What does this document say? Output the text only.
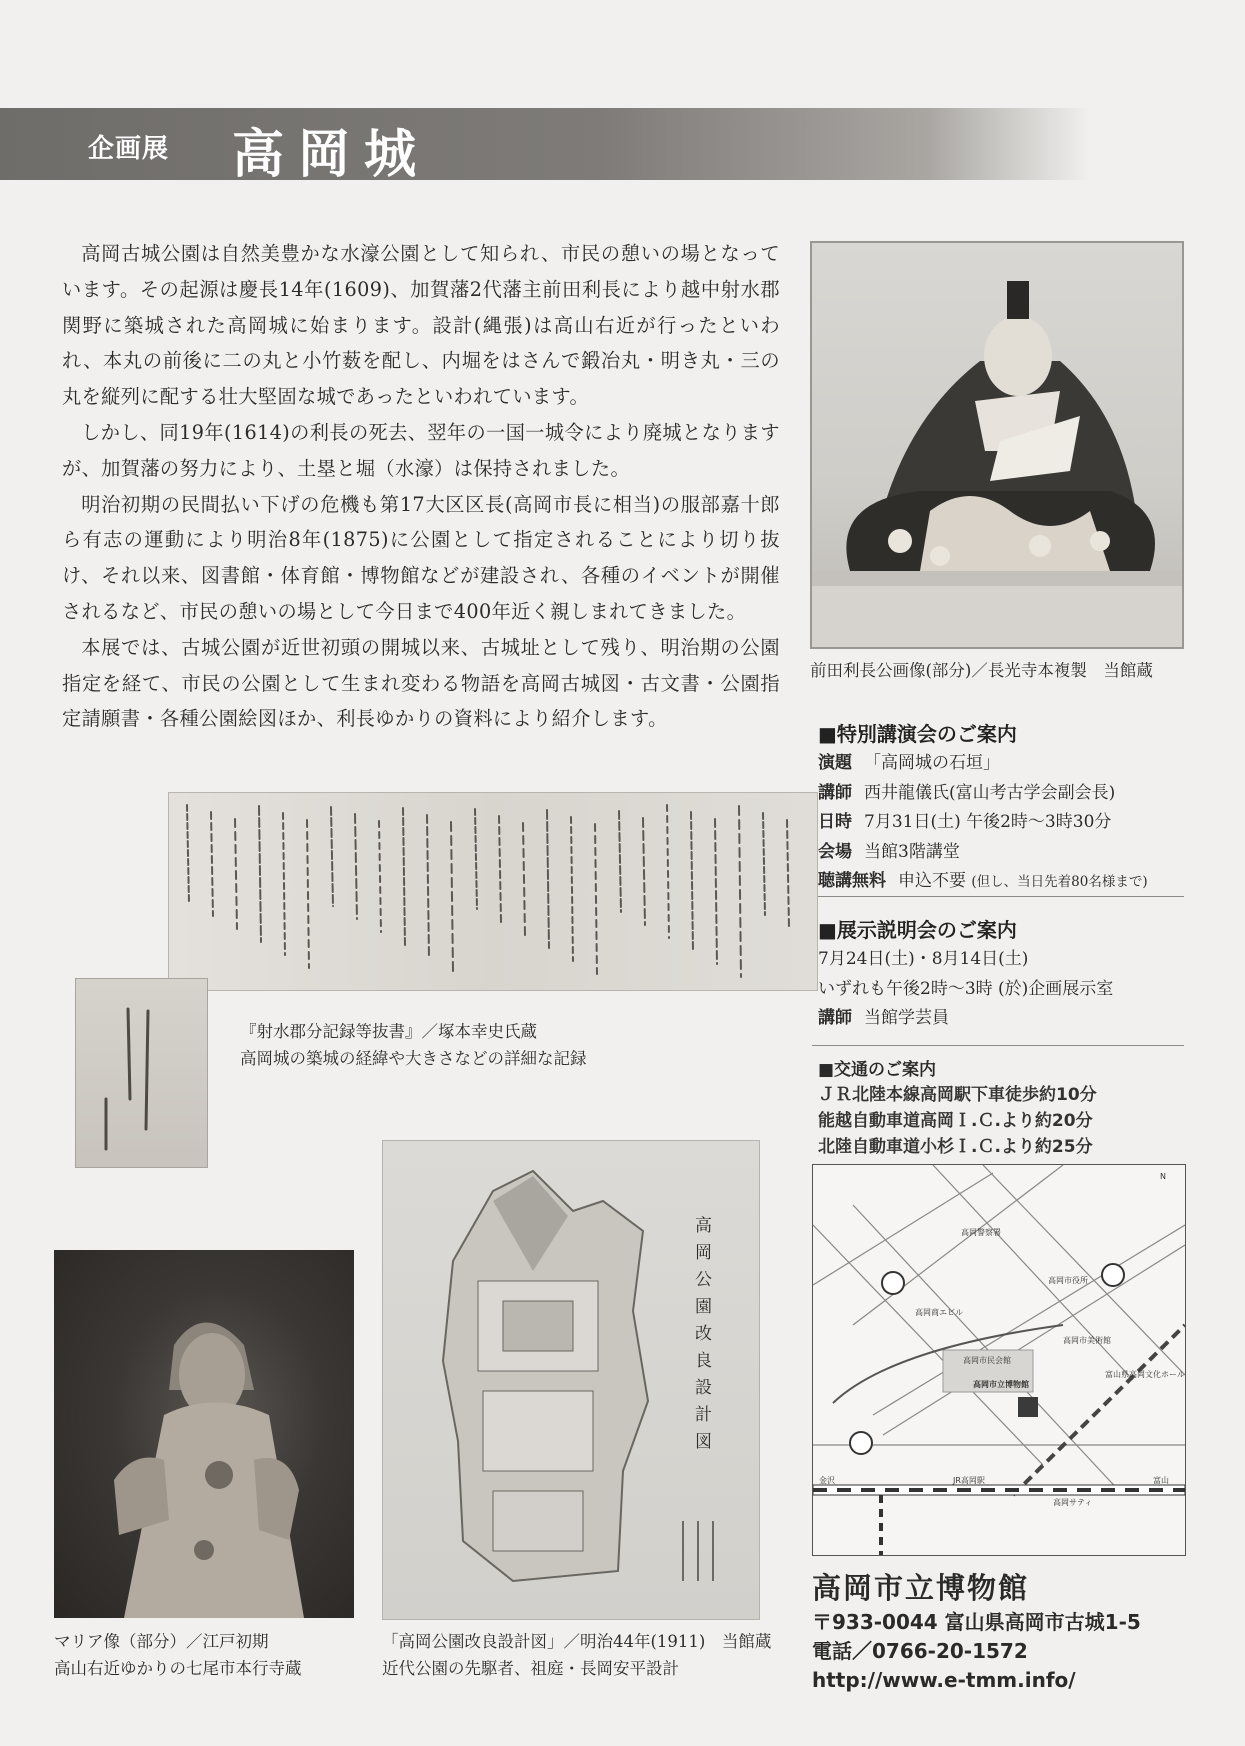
企画展 高岡城

高岡古城公園は自然美豊かな水濠公園として知られ、市民の憩いの場となっています。その起源は慶長14年(1609)、加賀藩2代藩主前田利長により越中射水郡関野に築城された高岡城に始まります。設計(縄張)は高山右近が行ったといわれ、本丸の前後に二の丸と小竹薮を配し、内堀をはさんで鍛冶丸・明き丸・三の丸を縦列に配する壮大堅固な城であったといわれています。

しかし、同19年(1614)の利長の死去、翌年の一国一城令により廃城となりますが、加賀藩の努力により、土塁と堀（水濠）は保持されました。

明治初期の民間払い下げの危機も第17大区区長(高岡市長に相当)の服部嘉十郎ら有志の運動により明治8年(1875)に公園として指定されることにより切り抜け、それ以来、図書館・体育館・博物館などが建設され、各種のイベントが開催されるなど、市民の憩いの場として今日まで400年近く親しまれてきました。

本展では、古城公園が近世初頭の開城以来、古城址として残り、明治期の公園指定を経て、市民の公園として生まれ変わる物語を高岡古城図・古文書・公園指定請願書・各種公園絵図ほか、利長ゆかりの資料により紹介します。

前田利長公画像(部分)／長光寺本複製　当館蔵
■特別講演会のご案内
演題 「高岡城の石垣」
講師 西井龍儀氏(富山考古学会副会長)
日時 7月31日(土) 午後2時～3時30分
会場 当館3階講堂
聴講無料 申込不要 (但し、当日先着80名様まで)
■展示説明会のご案内
7月24日(土)・8月14日(土)
いずれも午後2時～3時 (於)企画展示室
講師 当館学芸員
■交通のご案内
ＪＲ北陸本線高岡駅下車徒歩約10分
能越自動車道高岡Ｉ.Ｃ.より約20分
北陸自動車道小杉Ｉ.Ｃ.より約25分
N
高岡警察署
高岡市役所
高岡商エビル
高岡市美術館
高岡市民会館
高岡市立博物館
富山県高岡文化ホール
JR高岡駅
高岡サティ
富山
金沢
高岡市立博物館
〒933-0044 富山県高岡市古城1-5
電話／0766-20-1572
http://www.e-tmm.info/
『射水郡分記録等抜書』／塚本幸史氏蔵
高岡城の築城の経緯や大きさなどの詳細な記録
マリア像（部分）／江戸初期
高山右近ゆかりの七尾市本行寺蔵
高岡公園改良設計図
「高岡公園改良設計図」／明治44年(1911)　当館蔵
近代公園の先駆者、祖庭・長岡安平設計
